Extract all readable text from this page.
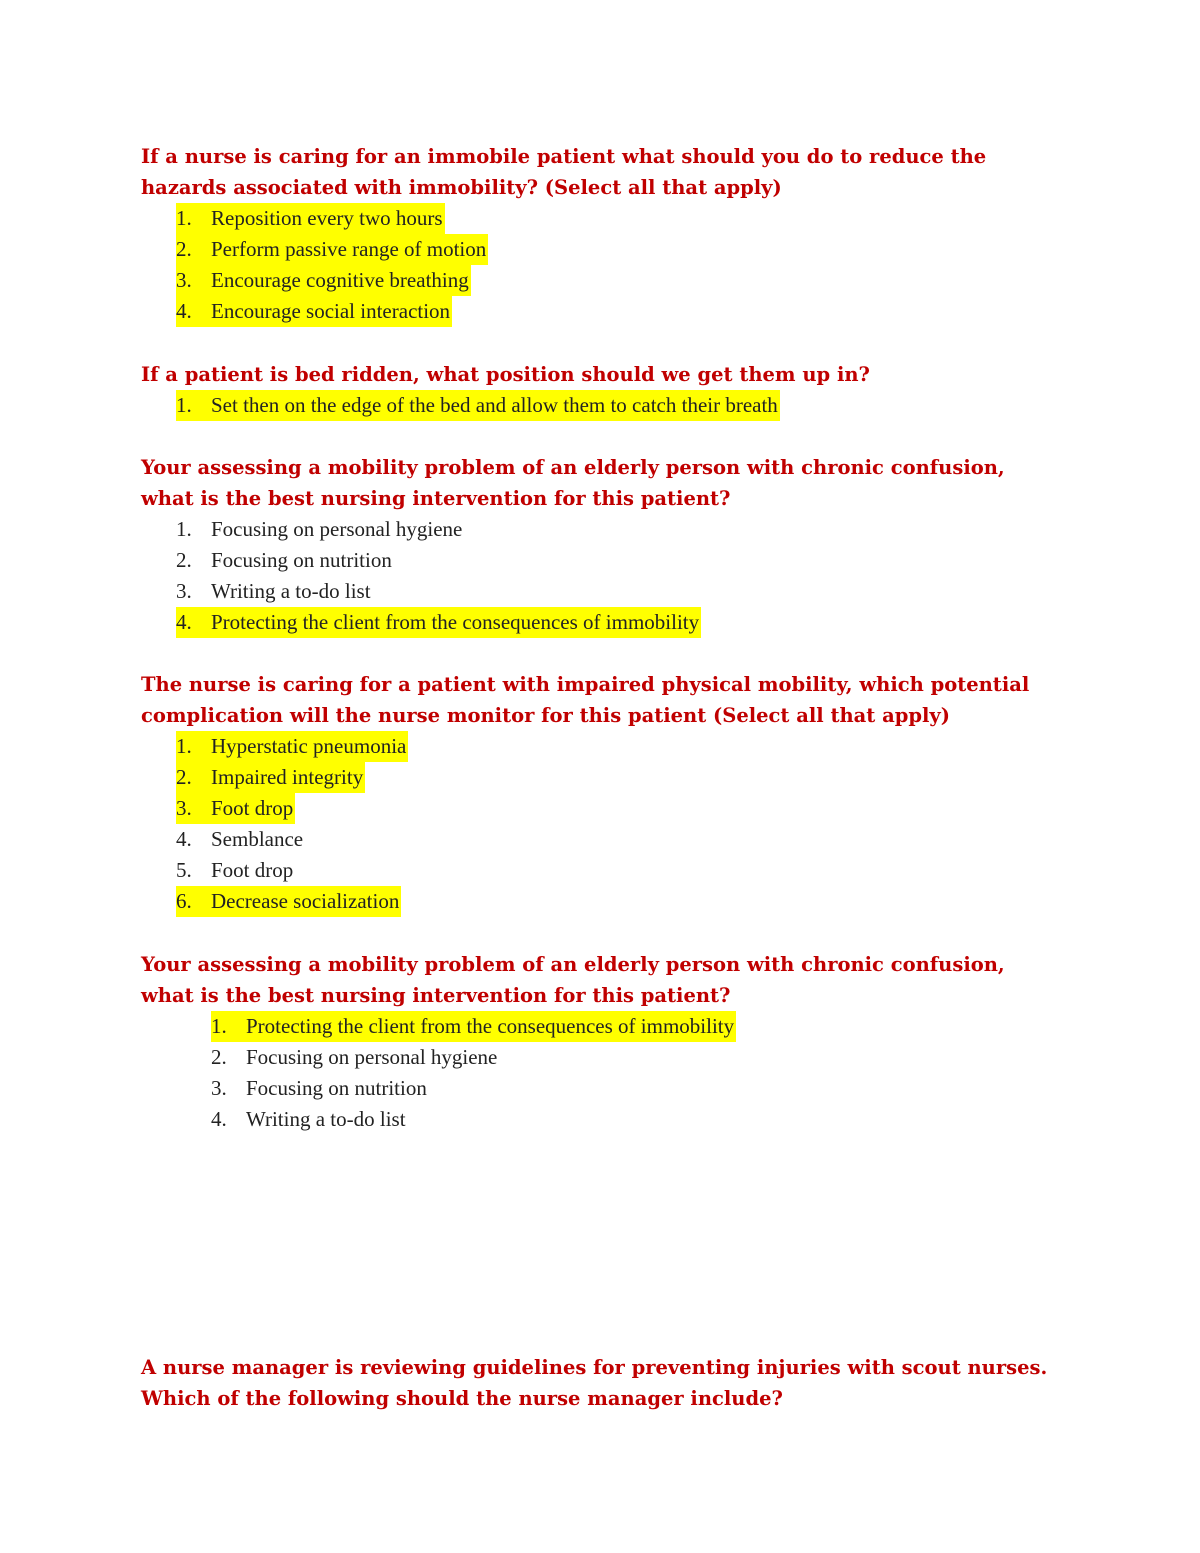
If a nurse is caring for an immobile patient what should you do to reduce the hazards associated with immobility? (Select all that apply)

1. Reposition every two hours
2. Perform passive range of motion
3. Encourage cognitive breathing
4. Encourage social interaction

If a patient is bed ridden, what position should we get them up in?

1. Set then on the edge of the bed and allow them to catch their breath

Your assessing a mobility problem of an elderly person with chronic confusion, what is the best nursing intervention for this patient?

1. Focusing on personal hygiene
2. Focusing on nutrition
3. Writing a to-do list
4. Protecting the client from the consequences of immobility

The nurse is caring for a patient with impaired physical mobility, which potential complication will the nurse monitor for this patient (Select all that apply)

1. Hyperstatic pneumonia
2. Impaired integrity
3. Foot drop
4. Semblance
5. Foot drop
6. Decrease socialization

Your assessing a mobility problem of an elderly person with chronic confusion, what is the best nursing intervention for this patient?

1. Protecting the client from the consequences of immobility
2. Focusing on personal hygiene
3. Focusing on nutrition
4. Writing a to-do list

A nurse manager is reviewing guidelines for preventing injuries with scout nurses. Which of the following should the nurse manager include?
